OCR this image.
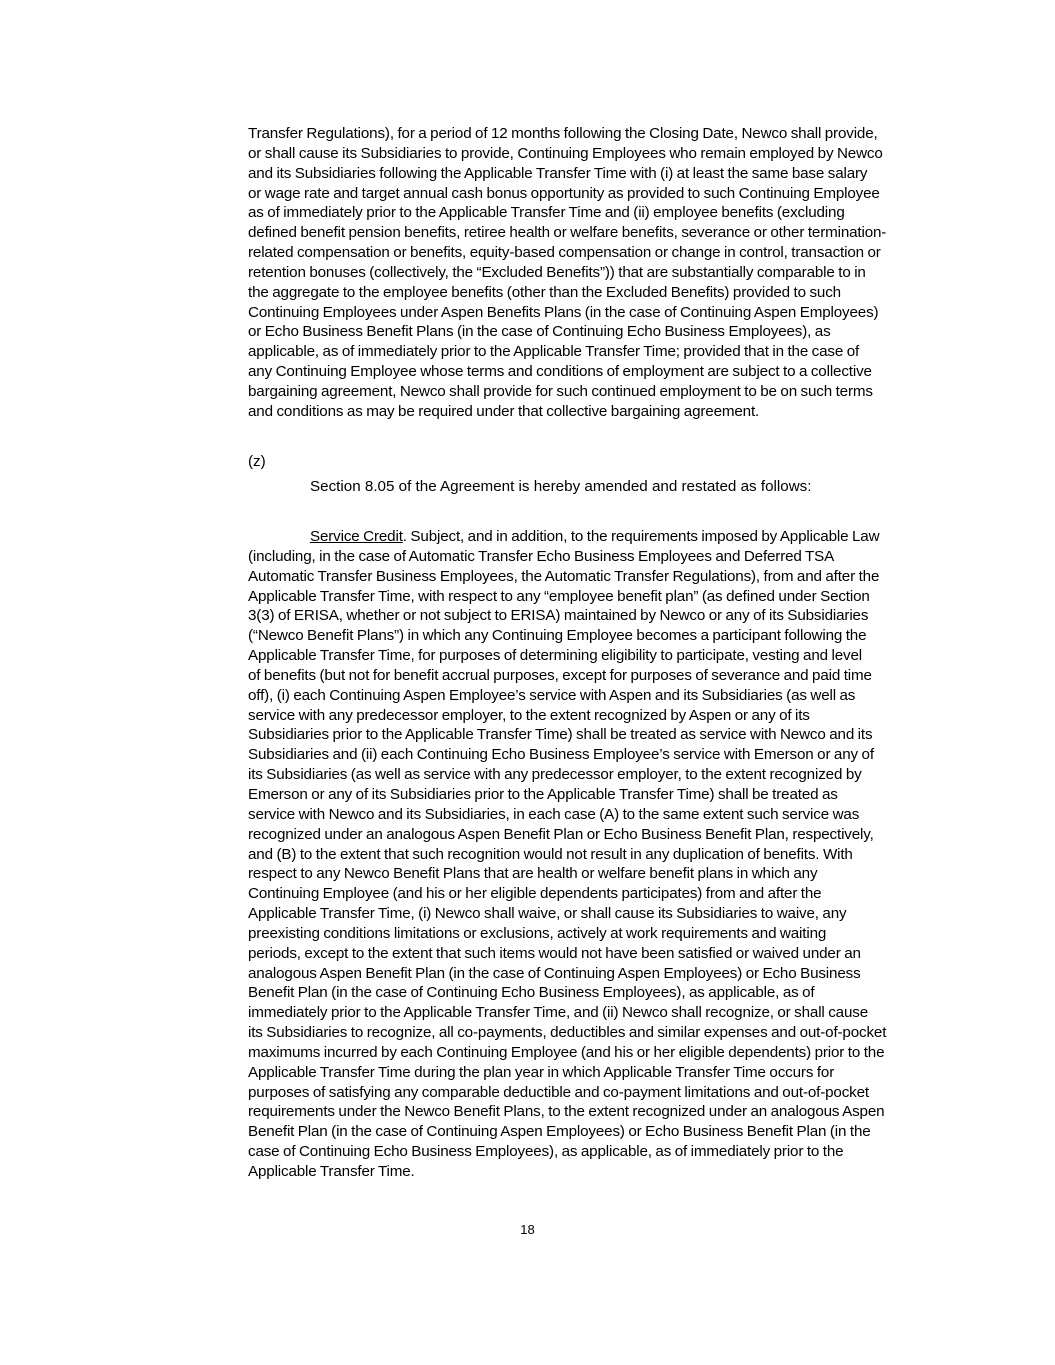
Transfer Regulations), for a period of 12 months following the Closing Date, Newco shall provide,
or shall cause its Subsidiaries to provide, Continuing Employees who remain employed by Newco
and its Subsidiaries following the Applicable Transfer Time with (i) at least the same base salary
or wage rate and target annual cash bonus opportunity as provided to such Continuing Employee
as of immediately prior to the Applicable Transfer Time and (ii) employee benefits (excluding
defined benefit pension benefits, retiree health or welfare benefits, severance or other termination-
related compensation or benefits, equity-based compensation or change in control, transaction or
retention bonuses (collectively, the “Excluded Benefits”)) that are substantially comparable to in
the aggregate to the employee benefits (other than the Excluded Benefits) provided to such
Continuing Employees under Aspen Benefits Plans (in the case of Continuing Aspen Employees)
or Echo Business Benefit Plans (in the case of Continuing Echo Business Employees), as
applicable, as of immediately prior to the Applicable Transfer Time; provided that in the case of
any Continuing Employee whose terms and conditions of employment are subject to a collective
bargaining agreement, Newco shall provide for such continued employment to be on such terms
and conditions as may be required under that collective bargaining agreement.
(z)
Section 8.05 of the Agreement is hereby amended and restated as follows:
Service Credit. Subject, and in addition, to the requirements imposed by Applicable Law
(including, in the case of Automatic Transfer Echo Business Employees and Deferred TSA
Automatic Transfer Business Employees, the Automatic Transfer Regulations), from and after the
Applicable Transfer Time, with respect to any “employee benefit plan” (as defined under Section
3(3) of ERISA, whether or not subject to ERISA) maintained by Newco or any of its Subsidiaries
(“Newco Benefit Plans”) in which any Continuing Employee becomes a participant following the
Applicable Transfer Time, for purposes of determining eligibility to participate, vesting and level
of benefits (but not for benefit accrual purposes, except for purposes of severance and paid time
off), (i) each Continuing Aspen Employee’s service with Aspen and its Subsidiaries (as well as
service with any predecessor employer, to the extent recognized by Aspen or any of its
Subsidiaries prior to the Applicable Transfer Time) shall be treated as service with Newco and its
Subsidiaries and (ii) each Continuing Echo Business Employee’s service with Emerson or any of
its Subsidiaries (as well as service with any predecessor employer, to the extent recognized by
Emerson or any of its Subsidiaries prior to the Applicable Transfer Time) shall be treated as
service with Newco and its Subsidiaries, in each case (A) to the same extent such service was
recognized under an analogous Aspen Benefit Plan or Echo Business Benefit Plan, respectively,
and (B) to the extent that such recognition would not result in any duplication of benefits. With
respect to any Newco Benefit Plans that are health or welfare benefit plans in which any
Continuing Employee (and his or her eligible dependents participates) from and after the
Applicable Transfer Time, (i) Newco shall waive, or shall cause its Subsidiaries to waive, any
preexisting conditions limitations or exclusions, actively at work requirements and waiting
periods, except to the extent that such items would not have been satisfied or waived under an
analogous Aspen Benefit Plan (in the case of Continuing Aspen Employees) or Echo Business
Benefit Plan (in the case of Continuing Echo Business Employees), as applicable, as of
immediately prior to the Applicable Transfer Time, and (ii) Newco shall recognize, or shall cause
its Subsidiaries to recognize, all co-payments, deductibles and similar expenses and out-of-pocket
maximums incurred by each Continuing Employee (and his or her eligible dependents) prior to the
Applicable Transfer Time during the plan year in which Applicable Transfer Time occurs for
purposes of satisfying any comparable deductible and co-payment limitations and out-of-pocket
requirements under the Newco Benefit Plans, to the extent recognized under an analogous Aspen
Benefit Plan (in the case of Continuing Aspen Employees) or Echo Business Benefit Plan (in the
case of Continuing Echo Business Employees), as applicable, as of immediately prior to the
Applicable Transfer Time.
18
